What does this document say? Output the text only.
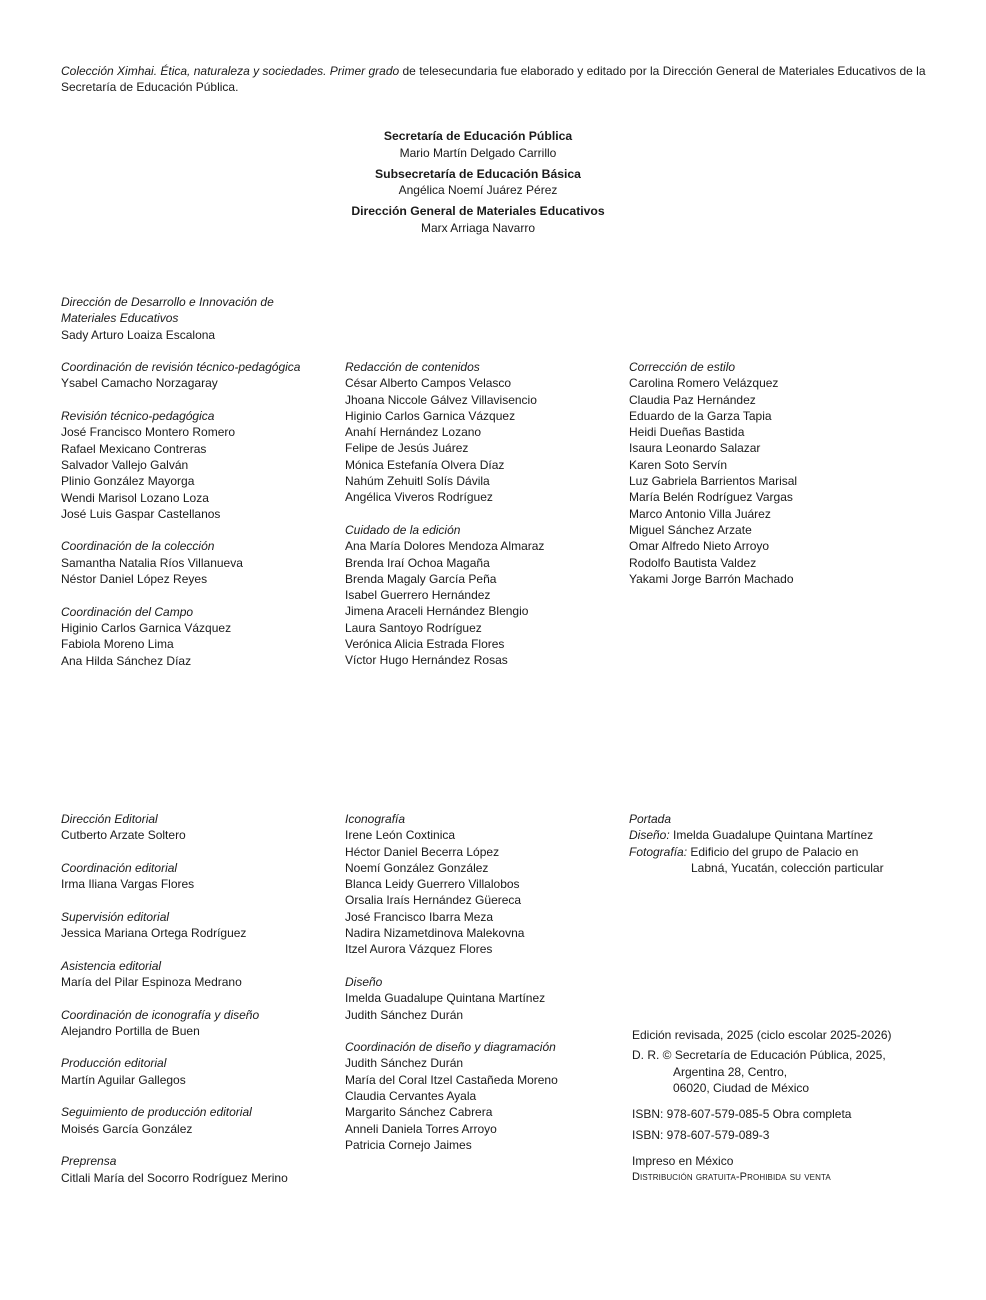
Colección Ximhai. Ética, naturaleza y sociedades. Primer grado de telesecundaria fue elaborado y editado por la Dirección General de Materiales Educativos de la Secretaría de Educación Pública.
Secretaría de Educación Pública
Mario Martín Delgado Carrillo
Subsecretaría de Educación Básica
Angélica Noemí Juárez Pérez
Dirección General de Materiales Educativos
Marx Arriaga Navarro
Dirección de Desarrollo e Innovación de Materiales Educativos
Sady Arturo Loaiza Escalona
Coordinación de revisión técnico-pedagógica
Ysabel Camacho Norzagaray
Revisión técnico-pedagógica
José Francisco Montero Romero
Rafael Mexicano Contreras
Salvador Vallejo Galván
Plinio González Mayorga
Wendi Marisol Lozano Loza
José Luis Gaspar Castellanos
Coordinación de la colección
Samantha Natalia Ríos Villanueva
Néstor Daniel López Reyes
Coordinación del Campo
Higinio Carlos Garnica Vázquez
Fabiola Moreno Lima
Ana Hilda Sánchez Díaz
Redacción de contenidos
César Alberto Campos Velasco
Jhoana Niccole Gálvez Villavisencio
Higinio Carlos Garnica Vázquez
Anahí Hernández Lozano
Felipe de Jesús Juárez
Mónica Estefanía Olvera Díaz
Nahúm Zehuitl Solís Dávila
Angélica Viveros Rodríguez
Cuidado de la edición
Ana María Dolores Mendoza Almaraz
Brenda Iraí Ochoa Magaña
Brenda Magaly García Peña
Isabel Guerrero Hernández
Jimena Araceli Hernández Blengio
Laura Santoyo Rodríguez
Verónica Alicia Estrada Flores
Víctor Hugo Hernández Rosas
Corrección de estilo
Carolina Romero Velázquez
Claudia Paz Hernández
Eduardo de la Garza Tapia
Heidi Dueñas Bastida
Isaura Leonardo Salazar
Karen Soto Servín
Luz Gabriela Barrientos Marisal
María Belén Rodríguez Vargas
Marco Antonio Villa Juárez
Miguel Sánchez Arzate
Omar Alfredo Nieto Arroyo
Rodolfo Bautista Valdez
Yakami Jorge Barrón Machado
Dirección Editorial
Cutberto Arzate Soltero
Coordinación editorial
Irma Iliana Vargas Flores
Supervisión editorial
Jessica Mariana Ortega Rodríguez
Asistencia editorial
María del Pilar Espinoza Medrano
Coordinación de iconografía y diseño
Alejandro Portilla de Buen
Producción editorial
Martín Aguilar Gallegos
Seguimiento de producción editorial
Moisés García González
Preprensa
Citlali María del Socorro Rodríguez Merino
Iconografía
Irene León Coxtinica
Héctor Daniel Becerra López
Noemí González González
Blanca Leidy Guerrero Villalobos
Orsalia Iraís Hernández Güereca
José Francisco Ibarra Meza
Nadira Nizametdinova Malekovna
Itzel Aurora Vázquez Flores
Diseño
Imelda Guadalupe Quintana Martínez
Judith Sánchez Durán
Coordinación de diseño y diagramación
Judith Sánchez Durán
María del Coral Itzel Castañeda Moreno
Claudia Cervantes Ayala
Margarito Sánchez Cabrera
Anneli Daniela Torres Arroyo
Patricia Cornejo Jaimes
Portada
Diseño: Imelda Guadalupe Quintana Martínez
Fotografía: Edificio del grupo de Palacio en
Labná, Yucatán, colección particular
Edición revisada, 2025 (ciclo escolar 2025-2026)
D. R. © Secretaría de Educación Pública, 2025,
Argentina 28, Centro,
06020, Ciudad de México
ISBN: 978-607-579-085-5 Obra completa
ISBN: 978-607-579-089-3
Impreso en México
Distribución gratuita-Prohibida su venta
